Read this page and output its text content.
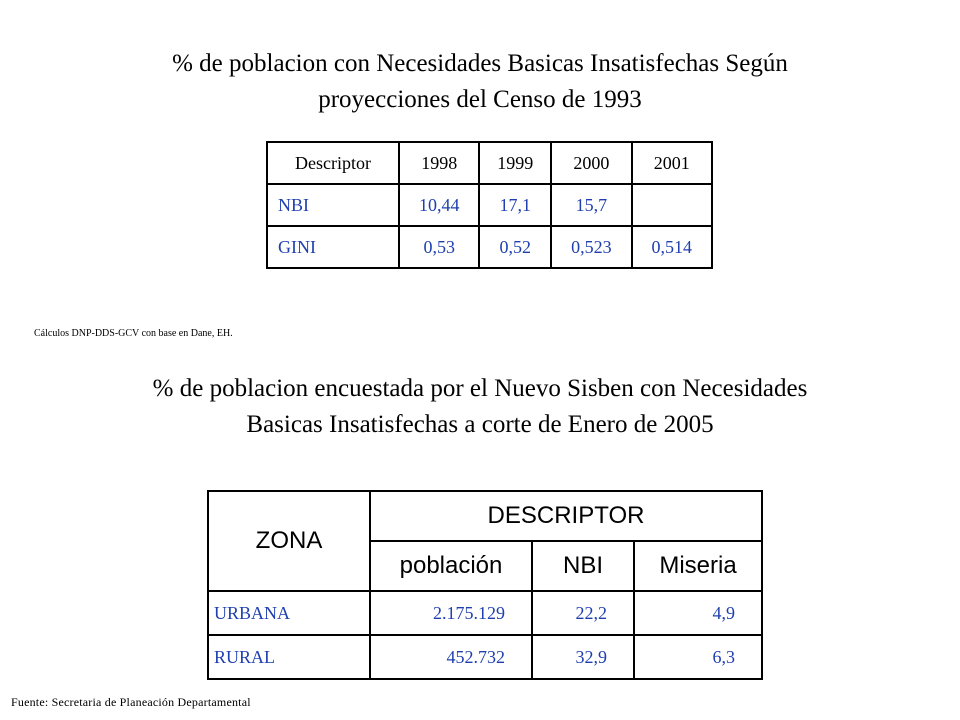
% de poblacion con Necesidades Basicas Insatisfechas Según
proyecciones del Censo de 1993
Descriptor	1998	1999	2000	2001
NBI	10,44	17,1	15,7	
GINI	0,53	0,52	0,523	0,514
Cálculos DNP-DDS-GCV con base en Dane, EH.
% de poblacion encuestada por el Nuevo Sisben con Necesidades
Basicas Insatisfechas a corte de Enero de 2005
ZONA	DESCRIPTOR		
	población	NBI	Miseria
URBANA	2.175.129	22,2	4,9
RURAL	452.732	32,9	6,3
Fuente: Secretaria de Planeación Departamental
